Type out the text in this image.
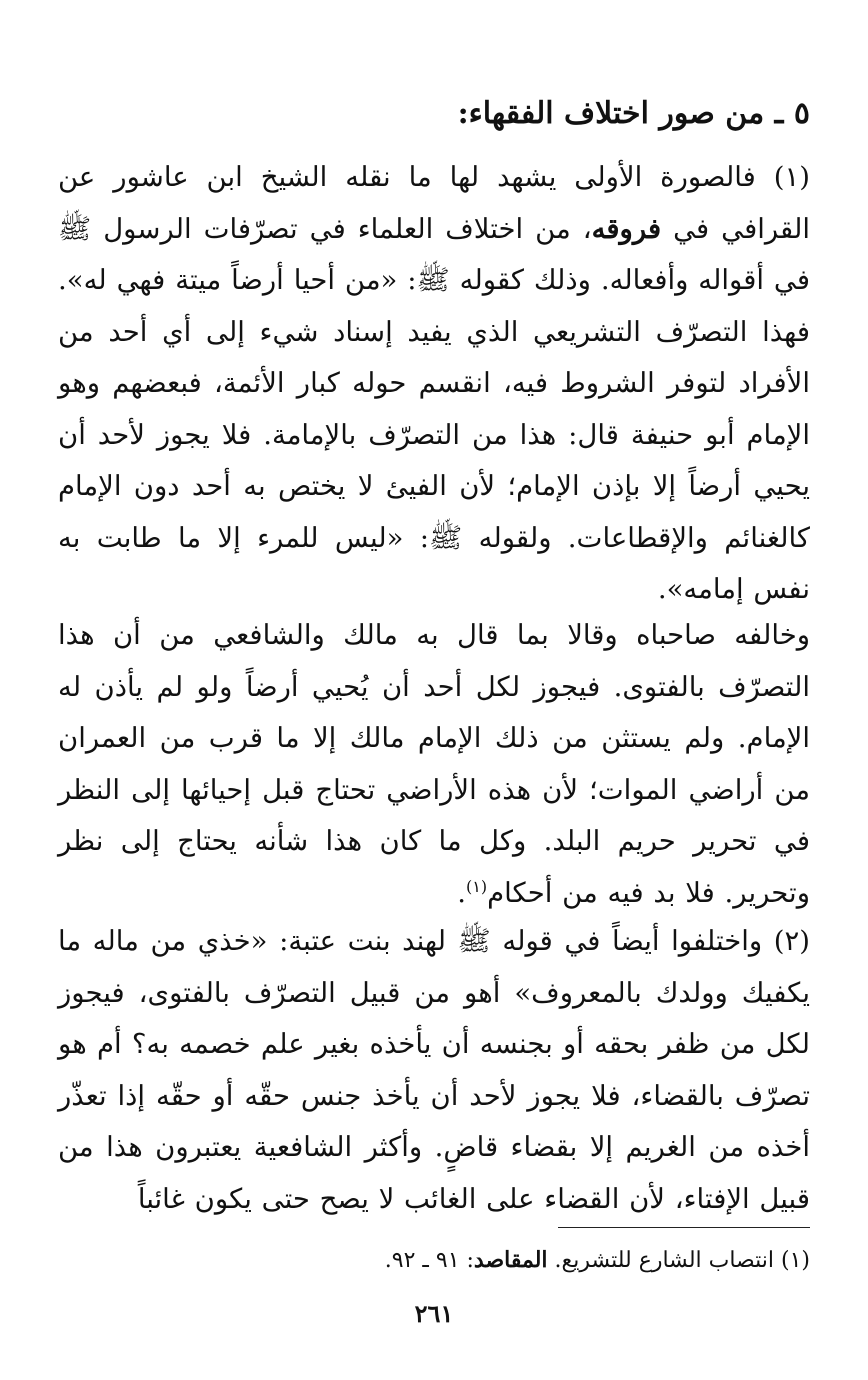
٥ ـ من صور اختلاف الفقهاء:

(١) فالصورة الأولى يشهد لها ما نقله الشيخ ابن عاشور عن القرافي في فروقه، من اختلاف العلماء في تصرّفات الرسول ﷺ في أقواله وأفعاله. وذلك كقوله ﷺ: «من أحيا أرضاً ميتة فهي له». فهذا التصرّف التشريعي الذي يفيد إسناد شيء إلى أي أحد من الأفراد لتوفر الشروط فيه، انقسم حوله كبار الأئمة، فبعضهم وهو الإمام أبو حنيفة قال: هذا من التصرّف بالإمامة. فلا يجوز لأحد أن يحيي أرضاً إلا بإذن الإمام؛ لأن الفيئ لا يختص به أحد دون الإمام كالغنائم والإقطاعات. ولقوله ﷺ: «ليس للمرء إلا ما طابت به نفس إمامه».

وخالفه صاحباه وقالا بما قال به مالك والشافعي من أن هذا التصرّف بالفتوى. فيجوز لكل أحد أن يُحيي أرضاً ولو لم يأذن له الإمام. ولم يستثن من ذلك الإمام مالك إلا ما قرب من العمران من أراضي الموات؛ لأن هذه الأراضي تحتاج قبل إحيائها إلى النظر في تحرير حريم البلد. وكل ما كان هذا شأنه يحتاج إلى نظر وتحرير. فلا بد فيه من أحكام$^{(١)}$.

(٢) واختلفوا أيضاً في قوله ﷺ لهند بنت عتبة: «خذي من ماله ما يكفيك وولدك بالمعروف» أهو من قبيل التصرّف بالفتوى، فيجوز لكل من ظفر بحقه أو بجنسه أن يأخذه بغير علم خصمه به؟ أم هو تصرّف بالقضاء، فلا يجوز لأحد أن يأخذ جنس حقّه أو حقّه إذا تعذّر أخذه من الغريم إلا بقضاء قاضٍ. وأكثر الشافعية يعتبرون هذا من قبيل الإفتاء، لأن القضاء على الغائب لا يصح حتى يكون غائباً

(١) انتصاب الشارع للتشريع. المقاصد: ٩١ ـ ٩٢.
٢٦١
